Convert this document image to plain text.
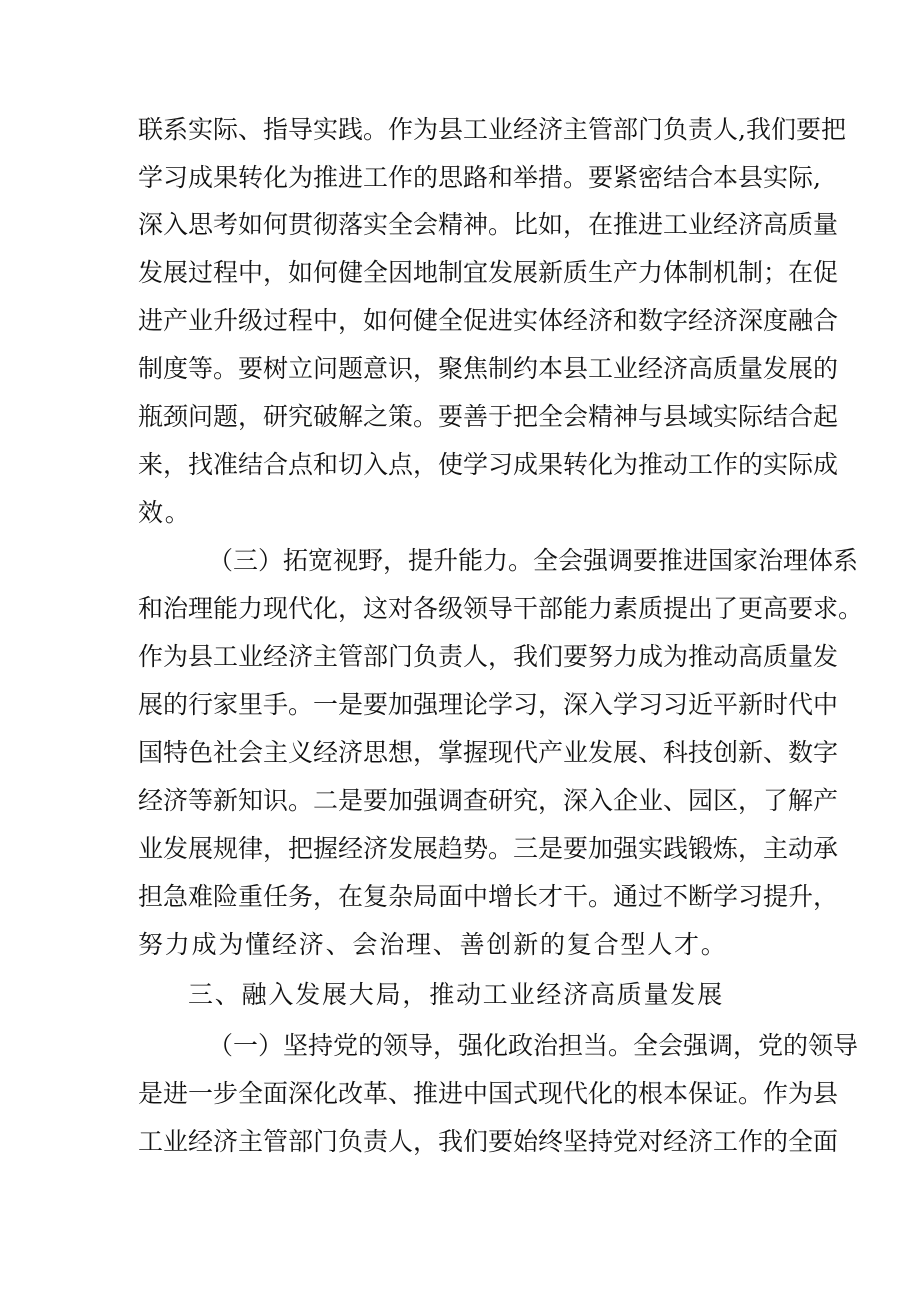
联系实际、指导实践。作为县工业经济主管部门负责人,我们要把
学习成果转化为推进工作的思路和举措。要紧密结合本县实际,
深入思考如何贯彻落实全会精神。比如，在推进工业经济高质量
发展过程中，如何健全因地制宜发展新质生产力体制机制；在促
进产业升级过程中，如何健全促进实体经济和数字经济深度融合
制度等。要树立问题意识，聚焦制约本县工业经济高质量发展的
瓶颈问题，研究破解之策。要善于把全会精神与县域实际结合起
来，找准结合点和切入点，使学习成果转化为推动工作的实际成
效。
（三）拓宽视野，提升能力。全会强调要推进国家治理体系
和治理能力现代化，这对各级领导干部能力素质提出了更高要求。
作为县工业经济主管部门负责人，我们要努力成为推动高质量发
展的行家里手。一是要加强理论学习，深入学习习近平新时代中
国特色社会主义经济思想，掌握现代产业发展、科技创新、数字
经济等新知识。二是要加强调查研究，深入企业、园区，了解产
业发展规律，把握经济发展趋势。三是要加强实践锻炼，主动承
担急难险重任务，在复杂局面中增长才干。通过不断学习提升，
努力成为懂经济、会治理、善创新的复合型人才。
三、融入发展大局，推动工业经济高质量发展
（一）坚持党的领导，强化政治担当。全会强调，党的领导
是进一步全面深化改革、推进中国式现代化的根本保证。作为县
工业经济主管部门负责人，我们要始终坚持党对经济工作的全面
